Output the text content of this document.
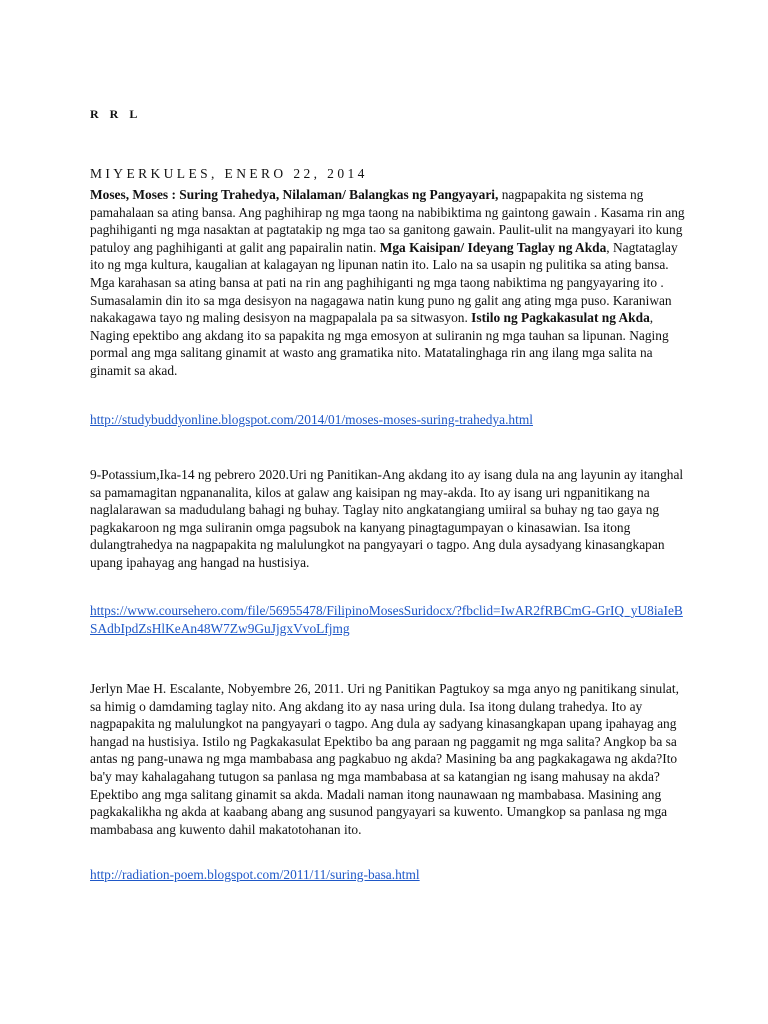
R R L

MIYERKULES, ENERO 22, 2014

Moses, Moses : Suring Trahedya, Nilalaman/ Balangkas ng Pangyayari, nagpapakita ng sistema ng pamahalaan sa ating bansa. Ang paghihirap ng mga taong na nabibiktima ng gaintong gawain . Kasama rin ang paghihiganti ng mga nasaktan at pagtatakip ng mga tao sa ganitong gawain. Paulit-ulit na mangyayari ito kung patuloy ang paghihiganti at galit ang papairalin natin. Mga Kaisipan/ Ideyang Taglay ng Akda, Nagtataglay ito ng mga kultura, kaugalian at kalagayan ng lipunan natin ito. Lalo na sa usapin ng pulitika sa ating bansa. Mga karahasan sa ating bansa at pati na rin ang paghihiganti ng mga taong nabiktima ng pangyayaring ito . Sumasalamin din ito sa mga desisyon na nagagawa natin kung puno ng galit ang ating mga puso. Karaniwan nakakagawa tayo ng maling desisyon na magpapalala pa sa sitwasyon. Istilo ng Pagkakasulat ng Akda, Naging epektibo ang akdang ito sa papakita ng mga emosyon at suliranin ng mga tauhan sa lipunan. Naging pormal ang mga salitang ginamit at wasto ang gramatika nito. Matatalinghaga rin ang ilang mga salita na ginamit sa akad.

http://studybuddyonline.blogspot.com/2014/01/moses-moses-suring-trahedya.html

9-Potassium,Ika-14 ng pebrero 2020.Uri ng Panitikan-Ang akdang ito ay isang dula na ang layunin ay itanghal sa pamamagitan ngpananalita, kilos at galaw ang kaisipan ng may-akda. Ito ay isang uri ngpanitikang na naglalarawan sa madudulang bahagi ng buhay. Taglay nito angkatangiang umiiral sa buhay ng tao gaya ng pagkakaroon ng mga suliranin omga pagsubok na kanyang pinagtagumpayan o kinasawian. Isa itong dulangtrahedya na nagpapakita ng malulungkot na pangyayari o tagpo. Ang dula aysadyang kinasangkapan upang ipahayag ang hangad na hustisiya.

https://www.coursehero.com/file/56955478/FilipinoMosesSuridocx/?fbclid=IwAR2fRBCmG-GrIQ_yU8iaIeBSAdbIpdZsHlKeAn48W7Zw9GuJjgxVvoLfjmg

Jerlyn Mae H. Escalante, Nobyembre 26, 2011. Uri ng Panitikan Pagtukoy sa mga anyo ng panitikang sinulat, sa himig o damdaming taglay nito. Ang akdang ito ay nasa uring dula. Isa itong dulang trahedya. Ito ay nagpapakita ng malulungkot na pangyayari o tagpo. Ang dula ay sadyang kinasangkapan upang ipahayag ang hangad na hustisiya. Istilo ng Pagkakasulat Epektibo ba ang paraan ng paggamit ng mga salita? Angkop ba sa antas ng pang-unawa ng mga mambabasa ang pagkabuo ng akda? Masining ba ang pagkakagawa ng akda?Ito ba'y may kahalagahang tutugon sa panlasa ng mga mambabasa at sa katangian ng isang mahusay na akda? Epektibo ang mga salitang ginamit sa akda. Madali naman itong naunawaan ng mambabasa. Masining ang pagkakalikha ng akda at kaabang abang ang susunod pangyayari sa kuwento. Umangkop sa panlasa ng mga mambabasa ang kuwento dahil makatotohanan ito.

http://radiation-poem.blogspot.com/2011/11/suring-basa.html
